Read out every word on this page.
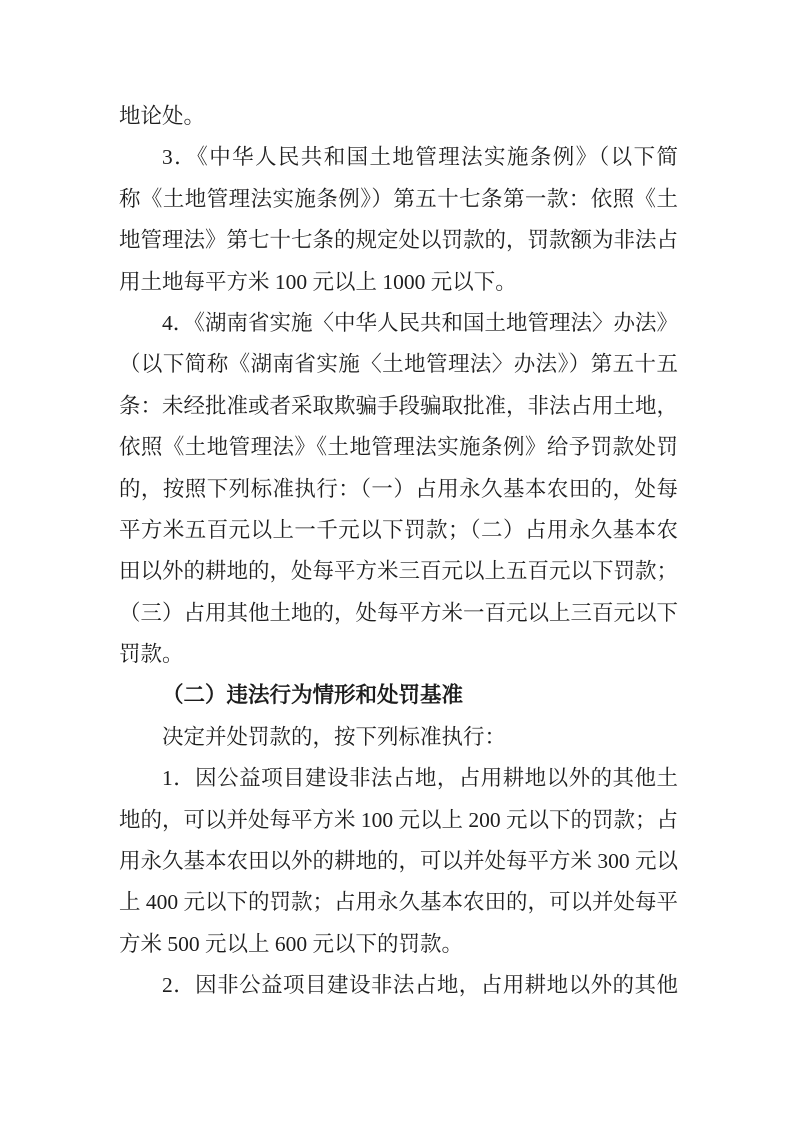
地论处。
3．《中华人民共和国土地管理法实施条例》（以下简
称《土地管理法实施条例》）第五十七条第一款：依照《土
地管理法》第七十七条的规定处以罚款的，罚款额为非法占
用土地每平方米 100 元以上 1000 元以下。
4．《湖南省实施〈中华人民共和国土地管理法〉办法》
（以下简称《湖南省实施〈土地管理法〉办法》）第五十五
条：未经批准或者采取欺骗手段骗取批准，非法占用土地，
依照《土地管理法》《土地管理法实施条例》给予罚款处罚
的，按照下列标准执行：（一）占用永久基本农田的，处每
平方米五百元以上一千元以下罚款；（二）占用永久基本农
田以外的耕地的，处每平方米三百元以上五百元以下罚款；
（三）占用其他土地的，处每平方米一百元以上三百元以下
罚款。
（二）违法行为情形和处罚基准
决定并处罚款的，按下列标准执行：
1．因公益项目建设非法占地，占用耕地以外的其他土
地的，可以并处每平方米 100 元以上 200 元以下的罚款；占
用永久基本农田以外的耕地的，可以并处每平方米 300 元以
上 400 元以下的罚款；占用永久基本农田的，可以并处每平
方米 500 元以上 600 元以下的罚款。
2．因非公益项目建设非法占地，占用耕地以外的其他
